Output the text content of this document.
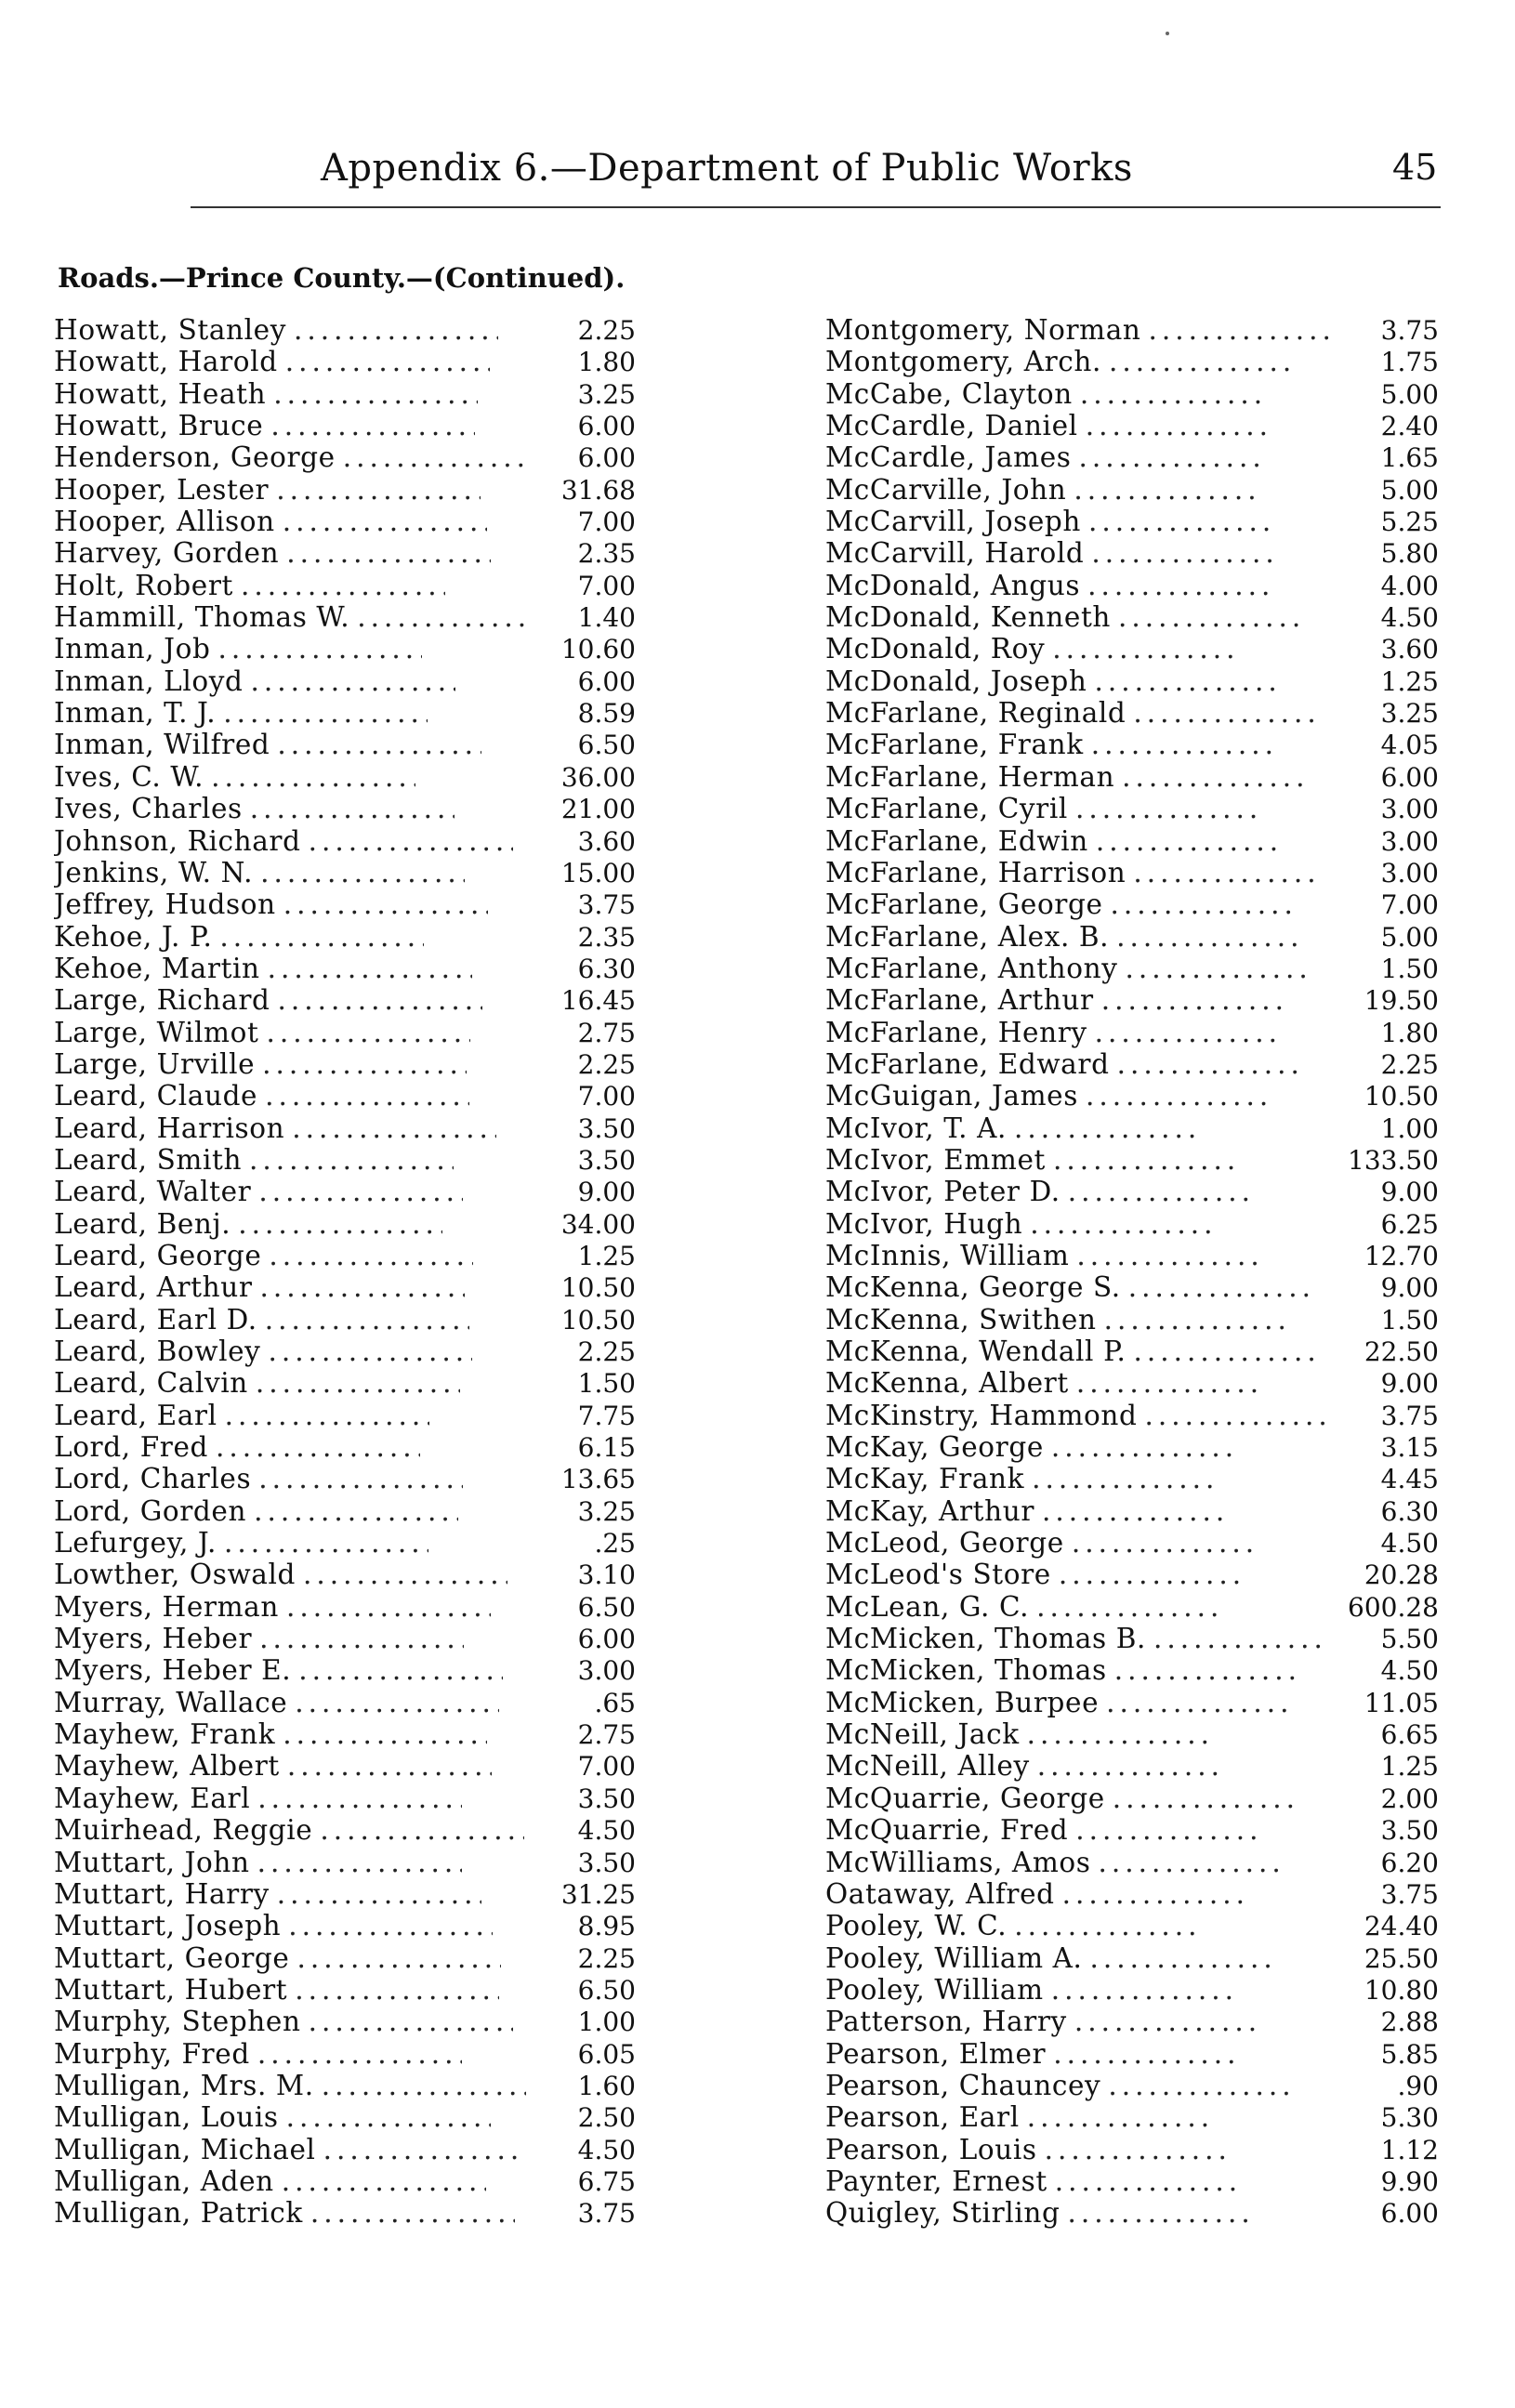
Appendix 6.—Department of Public Works	45
Roads.—Prince County.—(Continued).
Howatt, Stanley .....	2.25
Howatt, Harold .....	1.80
Howatt, Heath .....	3.25
Howatt, Bruce .....	6.00
Henderson, George .....	6.00
Hooper, Lester .....	31.68
Hooper, Allison .....	7.00
Harvey, Gorden .....	2.35
Holt, Robert .....	7.00
Hammill, Thomas W. .....	1.40
Inman, Job .....	10.60
Inman, Lloyd .....	6.00
Inman, T. J. .....	8.59
Inman, Wilfred .....	6.50
Ives, C. W. .....	36.00
Ives, Charles .....	21.00
Johnson, Richard .....	3.60
Jenkins, W. N. .....	15.00
Jeffrey, Hudson .....	3.75
Kehoe, J. P. .....	2.35
Kehoe, Martin .....	6.30
Large, Richard .....	16.45
Large, Wilmot .....	2.75
Large, Urville .....	2.25
Leard, Claude .....	7.00
Leard, Harrison .....	3.50
Leard, Smith .....	3.50
Leard, Walter .....	9.00
Leard, Benj. .....	34.00
Leard, George .....	1.25
Leard, Arthur .....	10.50
Leard, Earl D. .....	10.50
Leard, Bowley .....	2.25
Leard, Calvin .....	1.50
Leard, Earl .....	7.75
Lord, Fred .....	6.15
Lord, Charles .....	13.65
Lord, Gorden .....	3.25
Lefurgey, J. .....	.25
Lowther, Oswald .....	3.10
Myers, Herman .....	6.50
Myers, Heber .....	6.00
Myers, Heber E. .....	3.00
Murray, Wallace .....	.65
Mayhew, Frank .....	2.75
Mayhew, Albert .....	7.00
Mayhew, Earl .....	3.50
Muirhead, Reggie .....	4.50
Muttart, John .....	3.50
Muttart, Harry .....	31.25
Muttart, Joseph .....	8.95
Muttart, George .....	2.25
Muttart, Hubert .....	6.50
Murphy, Stephen .....	1.00
Murphy, Fred .....	6.05
Mulligan, Mrs. M. .....	1.60
Mulligan, Louis .....	2.50
Mulligan, Michael .....	4.50
Mulligan, Aden .....	6.75
Mulligan, Patrick .....	3.75
Montgomery, Norman .....	3.75
Montgomery, Arch. .....	1.75
McCabe, Clayton .....	5.00
McCardle, Daniel .....	2.40
McCardle, James .....	1.65
McCarville, John .....	5.00
McCarvill, Joseph .....	5.25
McCarvill, Harold .....	5.80
McDonald, Angus .....	4.00
McDonald, Kenneth .....	4.50
McDonald, Roy .....	3.60
McDonald, Joseph .....	1.25
McFarlane, Reginald .....	3.25
McFarlane, Frank .....	4.05
McFarlane, Herman .....	6.00
McFarlane, Cyril .....	3.00
McFarlane, Edwin .....	3.00
McFarlane, Harrison .....	3.00
McFarlane, George .....	7.00
McFarlane, Alex. B. .....	5.00
McFarlane, Anthony .....	1.50
McFarlane, Arthur .....	19.50
McFarlane, Henry .....	1.80
McFarlane, Edward .....	2.25
McGuigan, James .....	10.50
McIvor, T. A. .....	1.00
McIvor, Emmet .....	133.50
McIvor, Peter D. .....	9.00
McIvor, Hugh .....	6.25
McInnis, William .....	12.70
McKenna, George S. .....	9.00
McKenna, Swithen .....	1.50
McKenna, Wendall P. .....	22.50
McKenna, Albert .....	9.00
McKinstry, Hammond .....	3.75
McKay, George .....	3.15
McKay, Frank .....	4.45
McKay, Arthur .....	6.30
McLeod, George .....	4.50
McLeod's Store .....	20.28
McLean, G. C. .....	600.28
McMicken, Thomas B. .....	5.50
McMicken, Thomas .....	4.50
McMicken, Burpee .....	11.05
McNeill, Jack .....	6.65
McNeill, Alley .....	1.25
McQuarrie, George .....	2.00
McQuarrie, Fred .....	3.50
McWilliams, Amos .....	6.20
Oataway, Alfred .....	3.75
Pooley, W. C. .....	24.40
Pooley, William A. .....	25.50
Pooley, William .....	10.80
Patterson, Harry .....	2.88
Pearson, Elmer .....	5.85
Pearson, Chauncey .....	.90
Pearson, Earl .....	5.30
Pearson, Louis .....	1.12
Paynter, Ernest .....	9.90
Quigley, Stirling .....	6.00
